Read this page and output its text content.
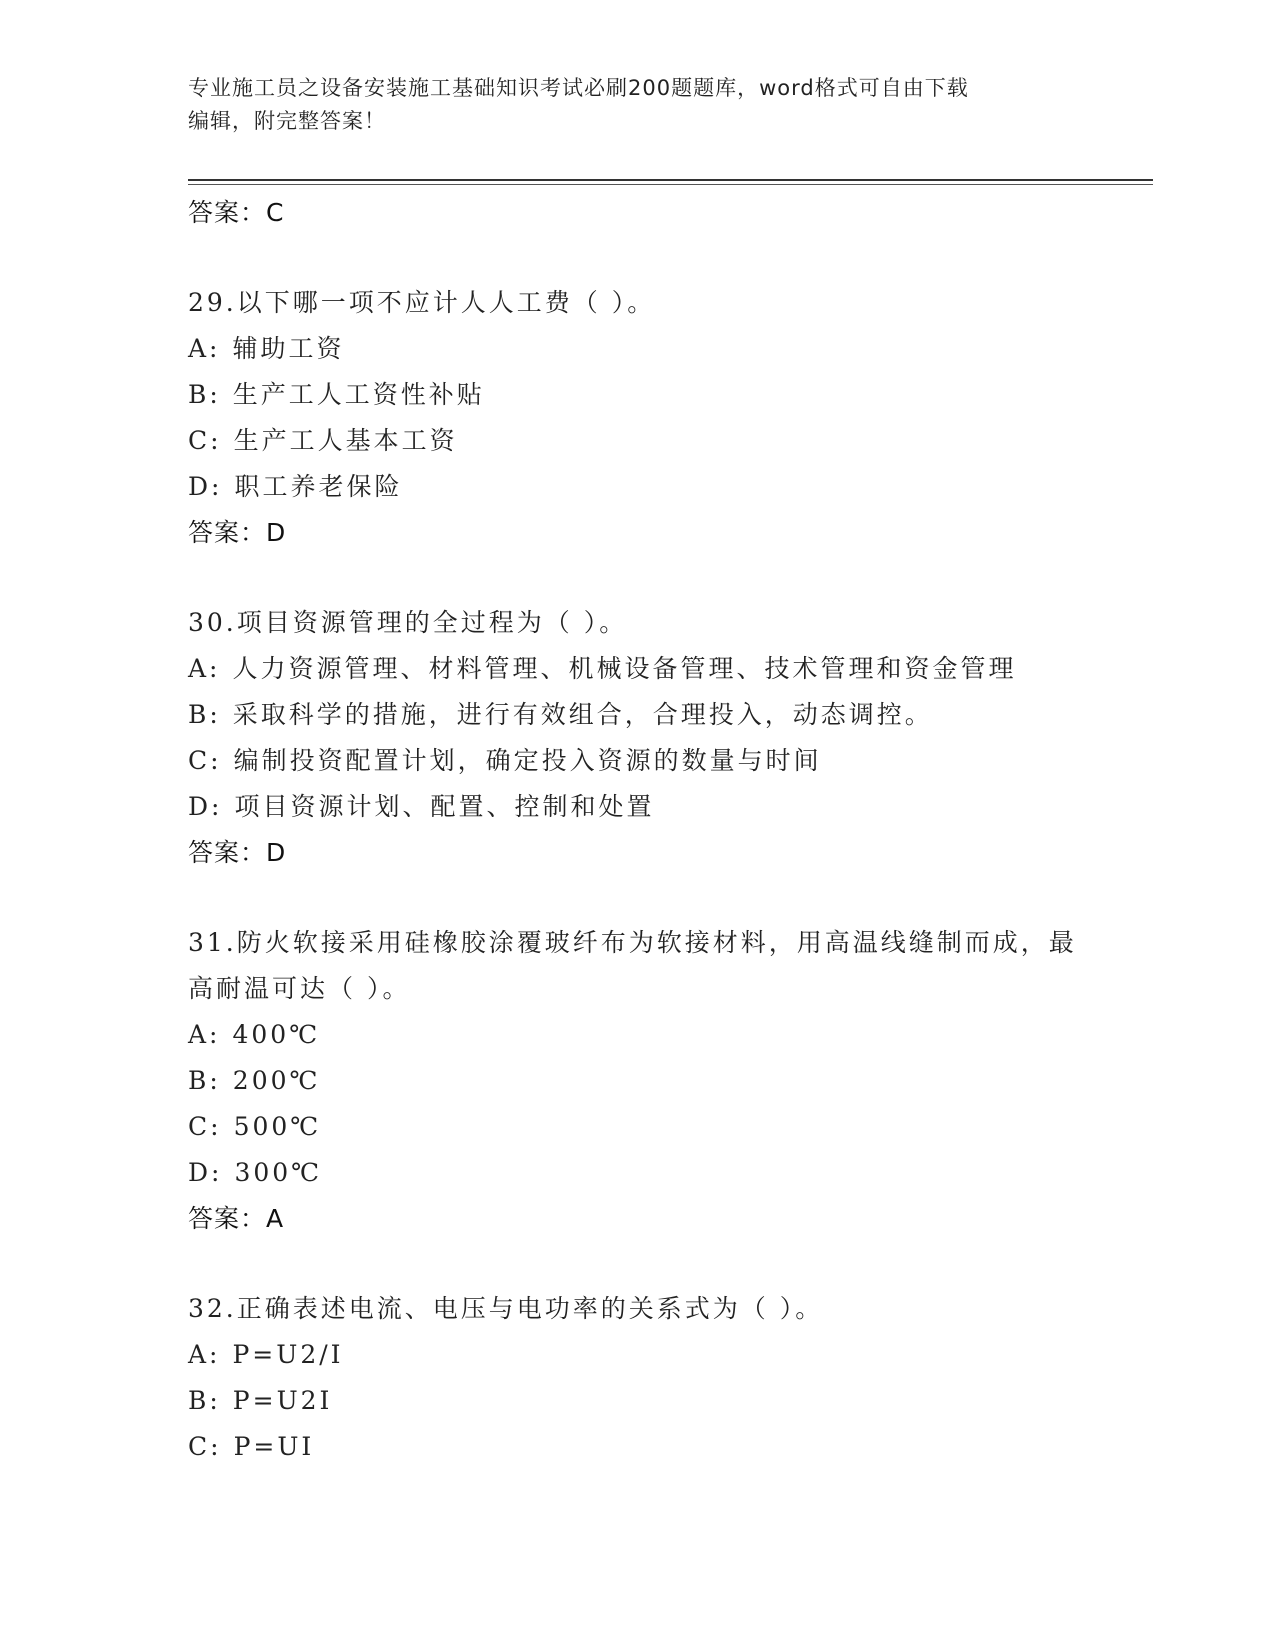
专业施工员之设备安装施工基础知识考试必刷200题题库，word格式可自由下载
编辑，附完整答案！
答案：C
29.以下哪一项不应计人人工费（ ）。
A: 辅助工资
B: 生产工人工资性补贴
C: 生产工人基本工资
D: 职工养老保险
答案：D
30.项目资源管理的全过程为（ ）。
A: 人力资源管理、材料管理、机械设备管理、技术管理和资金管理
B: 采取科学的措施，进行有效组合，合理投入，动态调控。
C: 编制投资配置计划，确定投入资源的数量与时间
D: 项目资源计划、配置、控制和处置
答案：D
31.防火软接采用硅橡胶涂覆玻纤布为软接材料，用高温线缝制而成，最高耐温可达（ ）。
A: 400℃
B: 200℃
C: 500℃
D: 300℃
答案：A
32.正确表述电流、电压与电功率的关系式为（ ）。
A: P=U2/I
B: P=U2I
C: P=UI
